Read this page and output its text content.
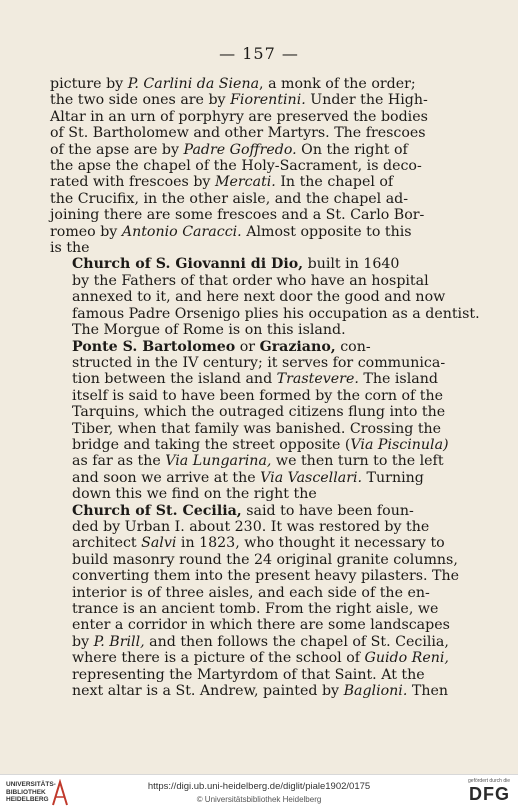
— 157 —

picture by P. Carlini da Siena, a monk of the order;
the two side ones are by Fiorentini. Under the High-
Altar in an urn of porphyry are preserved the bodies
of St. Bartholomew and other Martyrs. The frescoes
of the apse are by Padre Goffredo. On the right of
the apse the chapel of the Holy-Sacrament, is deco-
rated with frescoes by Mercati. In the chapel of
the Crucifix, in the other aisle, and the chapel ad-
joining there are some frescoes and a St. Carlo Bor-
romeo by Antonio Caracci. Almost opposite to this
is the

Church of S. Giovanni di Dio, built in 1640
by the Fathers of that order who have an hospital
annexed to it, and here next door the good and now
famous Padre Orsenigo plies his occupation as a dentist.
The Morgue of Rome is on this island.

Ponte S. Bartolomeo or Graziano, con-
structed in the IV century; it serves for communica-
tion between the island and Trastevere. The island
itself is said to have been formed by the corn of the
Tarquins, which the outraged citizens flung into the
Tiber, when that family was banished. Crossing the
bridge and taking the street opposite (Via Piscinula)
as far as the Via Lungarina, we then turn to the left
and soon we arrive at the Via Vascellari. Turning
down this we find on the right the

Church of St. Cecilia, said to have been foun-
ded by Urban I. about 230. It was restored by the
architect Salvi in 1823, who thought it necessary to
build masonry round the 24 original granite columns,
converting them into the present heavy pilasters. The
interior is of three aisles, and each side of the en-
trance is an ancient tomb. From the right aisle, we
enter a corridor in which there are some landscapes
by P. Brill, and then follows the chapel of St. Cecilia,
where there is a picture of the school of Guido Reni,
representing the Martyrdom of that Saint. At the
next altar is a St. Andrew, painted by Baglioni. Then

UNIVERSITÄTS-
BIBLIOTHEK
HEIDELBERG
https://digi.ub.uni-heidelberg.de/diglit/piale1902/0175
© Universitätsbibliothek Heidelberg
gefördert durch die
DFG
